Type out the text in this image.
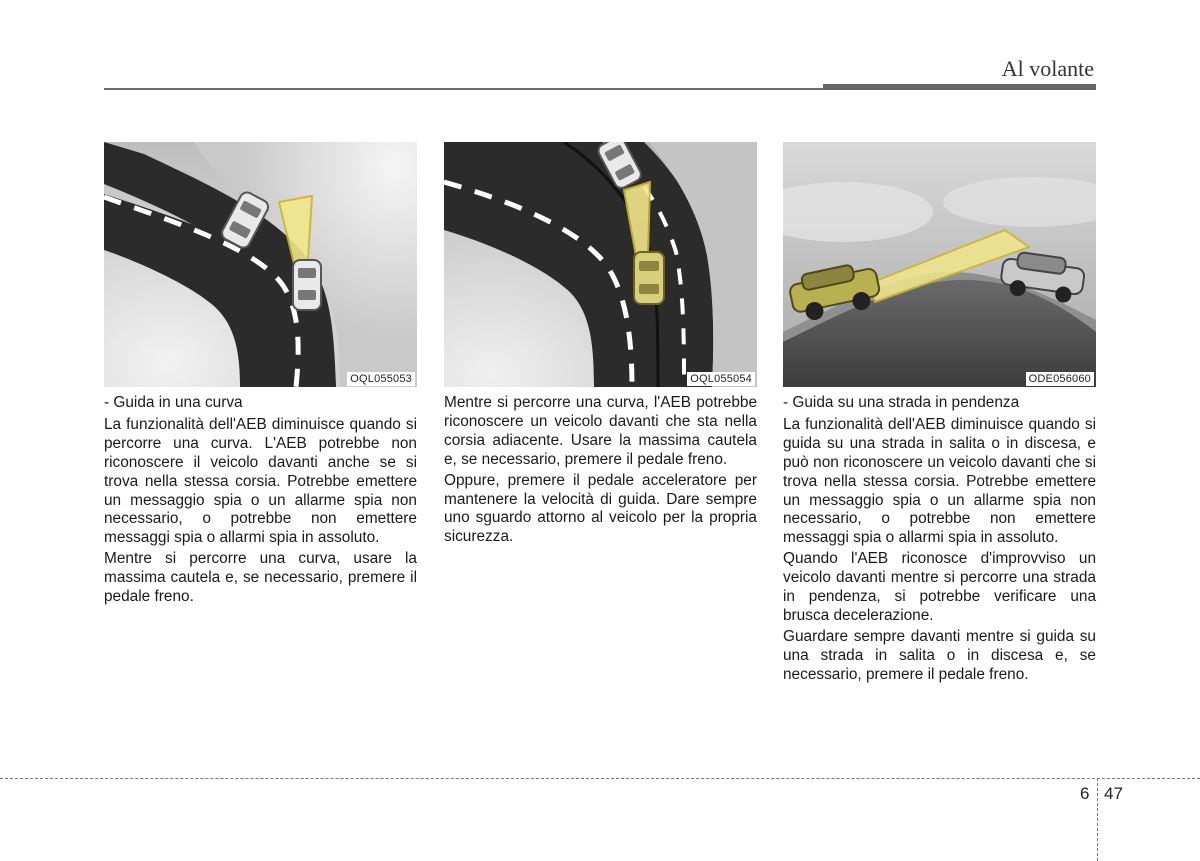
Al volante
OQL055053	OQL055054	ODE056060

- Guida in una curva

La funzionalità dell'AEB diminuisce quando si percorre una curva. L'AEB potrebbe non riconoscere il veicolo davanti anche se si trova nella stessa corsia. Potrebbe emettere un messaggio spia o un allarme spia non necessario, o potrebbe non emettere messaggi spia o allarmi spia in assoluto.

Mentre si percorre una curva, usare la massima cautela e, se necessario, premere il pedale freno.

Mentre si percorre una curva, l'AEB potrebbe riconoscere un veicolo davanti che sta nella corsia adiacente. Usare la massima cautela e, se necessario, premere il pedale freno.

Oppure, premere il pedale acceleratore per mantenere la velocità di guida. Dare sempre uno sguardo attorno al veicolo per la propria sicurezza.

- Guida su una strada in pendenza

La funzionalità dell'AEB diminuisce quando si guida su una strada in salita o in discesa, e può non riconoscere un veicolo davanti che si trova nella stessa corsia. Potrebbe emettere un messaggio spia o un allarme spia non necessario, o potrebbe non emettere messaggi spia o allarmi spia in assoluto.

Quando l'AEB riconosce d'improvviso un veicolo davanti mentre si percorre una strada in pendenza, si potrebbe verificare una brusca decelerazione.

Guardare sempre davanti mentre si guida su una strada in salita o in discesa e, se necessario, premere il pedale freno.

6 47
